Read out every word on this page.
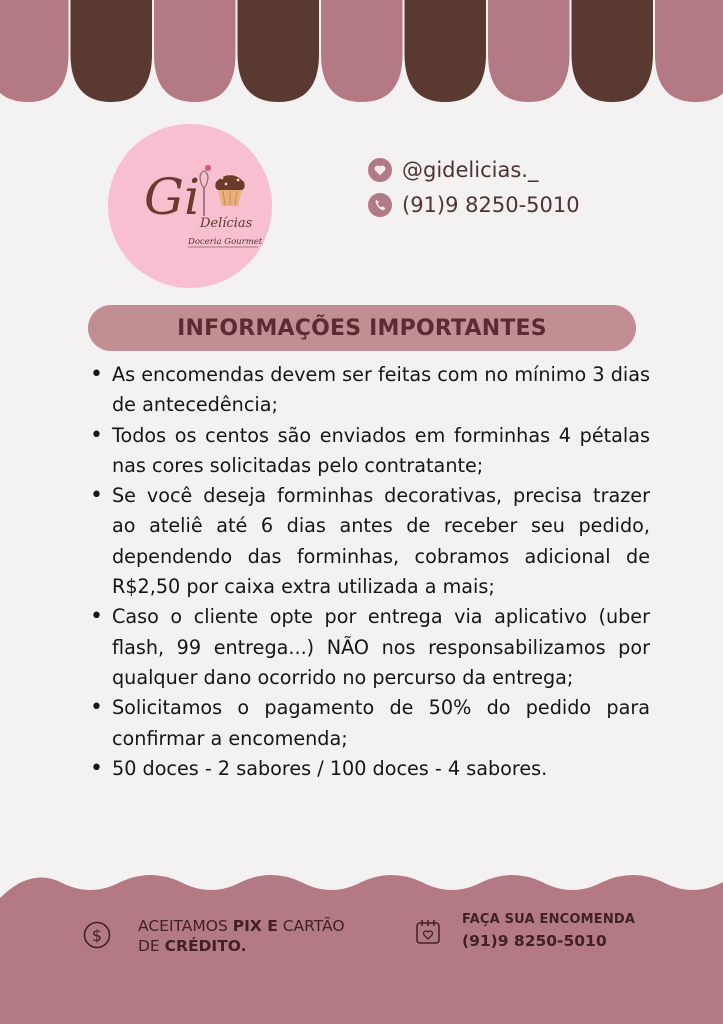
Gi Delícias
Doceria Gourmet
@gidelicias._
(91)9 8250-5010
INFORMAÇÕES IMPORTANTES
• As encomendas devem ser feitas com no mínimo 3 dias de antecedência;
• Todos os centos são enviados em forminhas 4 pétalas nas cores solicitadas pelo contratante;
• Se você deseja forminhas decorativas, precisa trazer ao ateliê até 6 dias antes de receber seu pedido, dependendo das forminhas, cobramos adicional de R$2,50 por caixa extra utilizada a mais;
• Caso o cliente opte por entrega via aplicativo (uber flash, 99 entrega...) NÃO nos responsabilizamos por qualquer dano ocorrido no percurso da entrega;
• Solicitamos o pagamento de 50% do pedido para confirmar a encomenda;
• 50 doces - 2 sabores / 100 doces - 4 sabores.
$ ACEITAMOS PIX E CARTÃO
DE CRÉDITO.
FAÇA SUA ENCOMENDA
(91)9 8250-5010
